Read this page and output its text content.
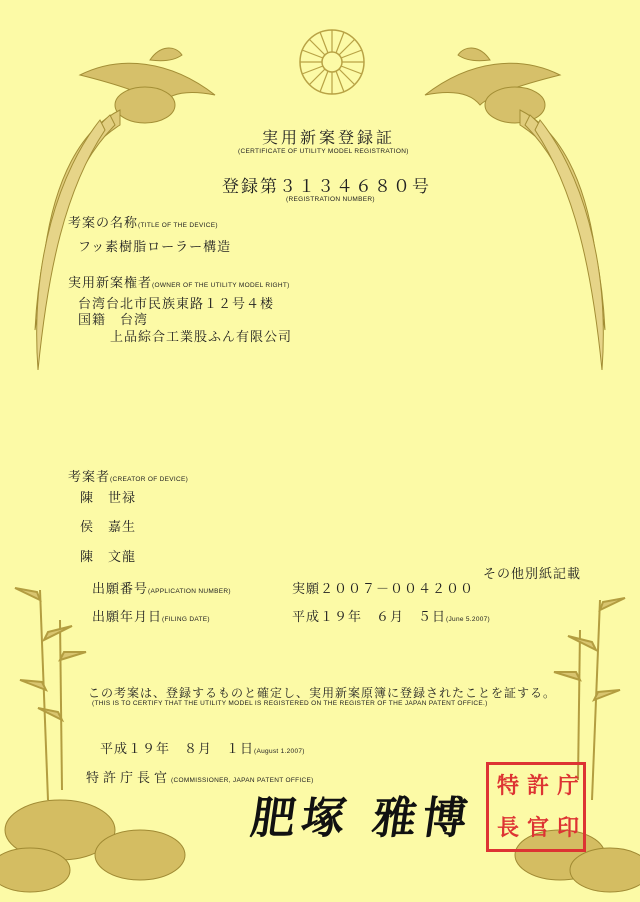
実用新案登録証
(CERTIFICATE OF UTILITY MODEL REGISTRATION)
登録第３１３４６８０号
(REGISTRATION NUMBER)
考案の名称(TITLE OF THE DEVICE)
フッ素樹脂ローラー構造
実用新案権者(OWNER OF THE UTILITY MODEL RIGHT)
台湾台北市民族東路１２号４楼
国籍　台湾
上品綜合工業股ふん有限公司
考案者(CREATOR OF DEVICE)
陳　世禄
侯　嘉生
陳　文龍
その他別紙記載
出願番号(APPLICATION NUMBER)	実願２００７－００４２００
出願年月日(FILING DATE)	平成１９年　６月　５日(June 5.2007)
この考案は、登録するものと確定し、実用新案原簿に登録されたことを証する。
(THIS IS TO CERTIFY THAT THE UTILITY MODEL IS REGISTERED ON THE REGISTER OF THE JAPAN PATENT OFFICE.)
平成１９年　８月　１日(August 1.2007)
特許庁長官(COMMISSIONER, JAPAN PATENT OFFICE)
肥塚 雅博
特 許 庁
長 官 印
